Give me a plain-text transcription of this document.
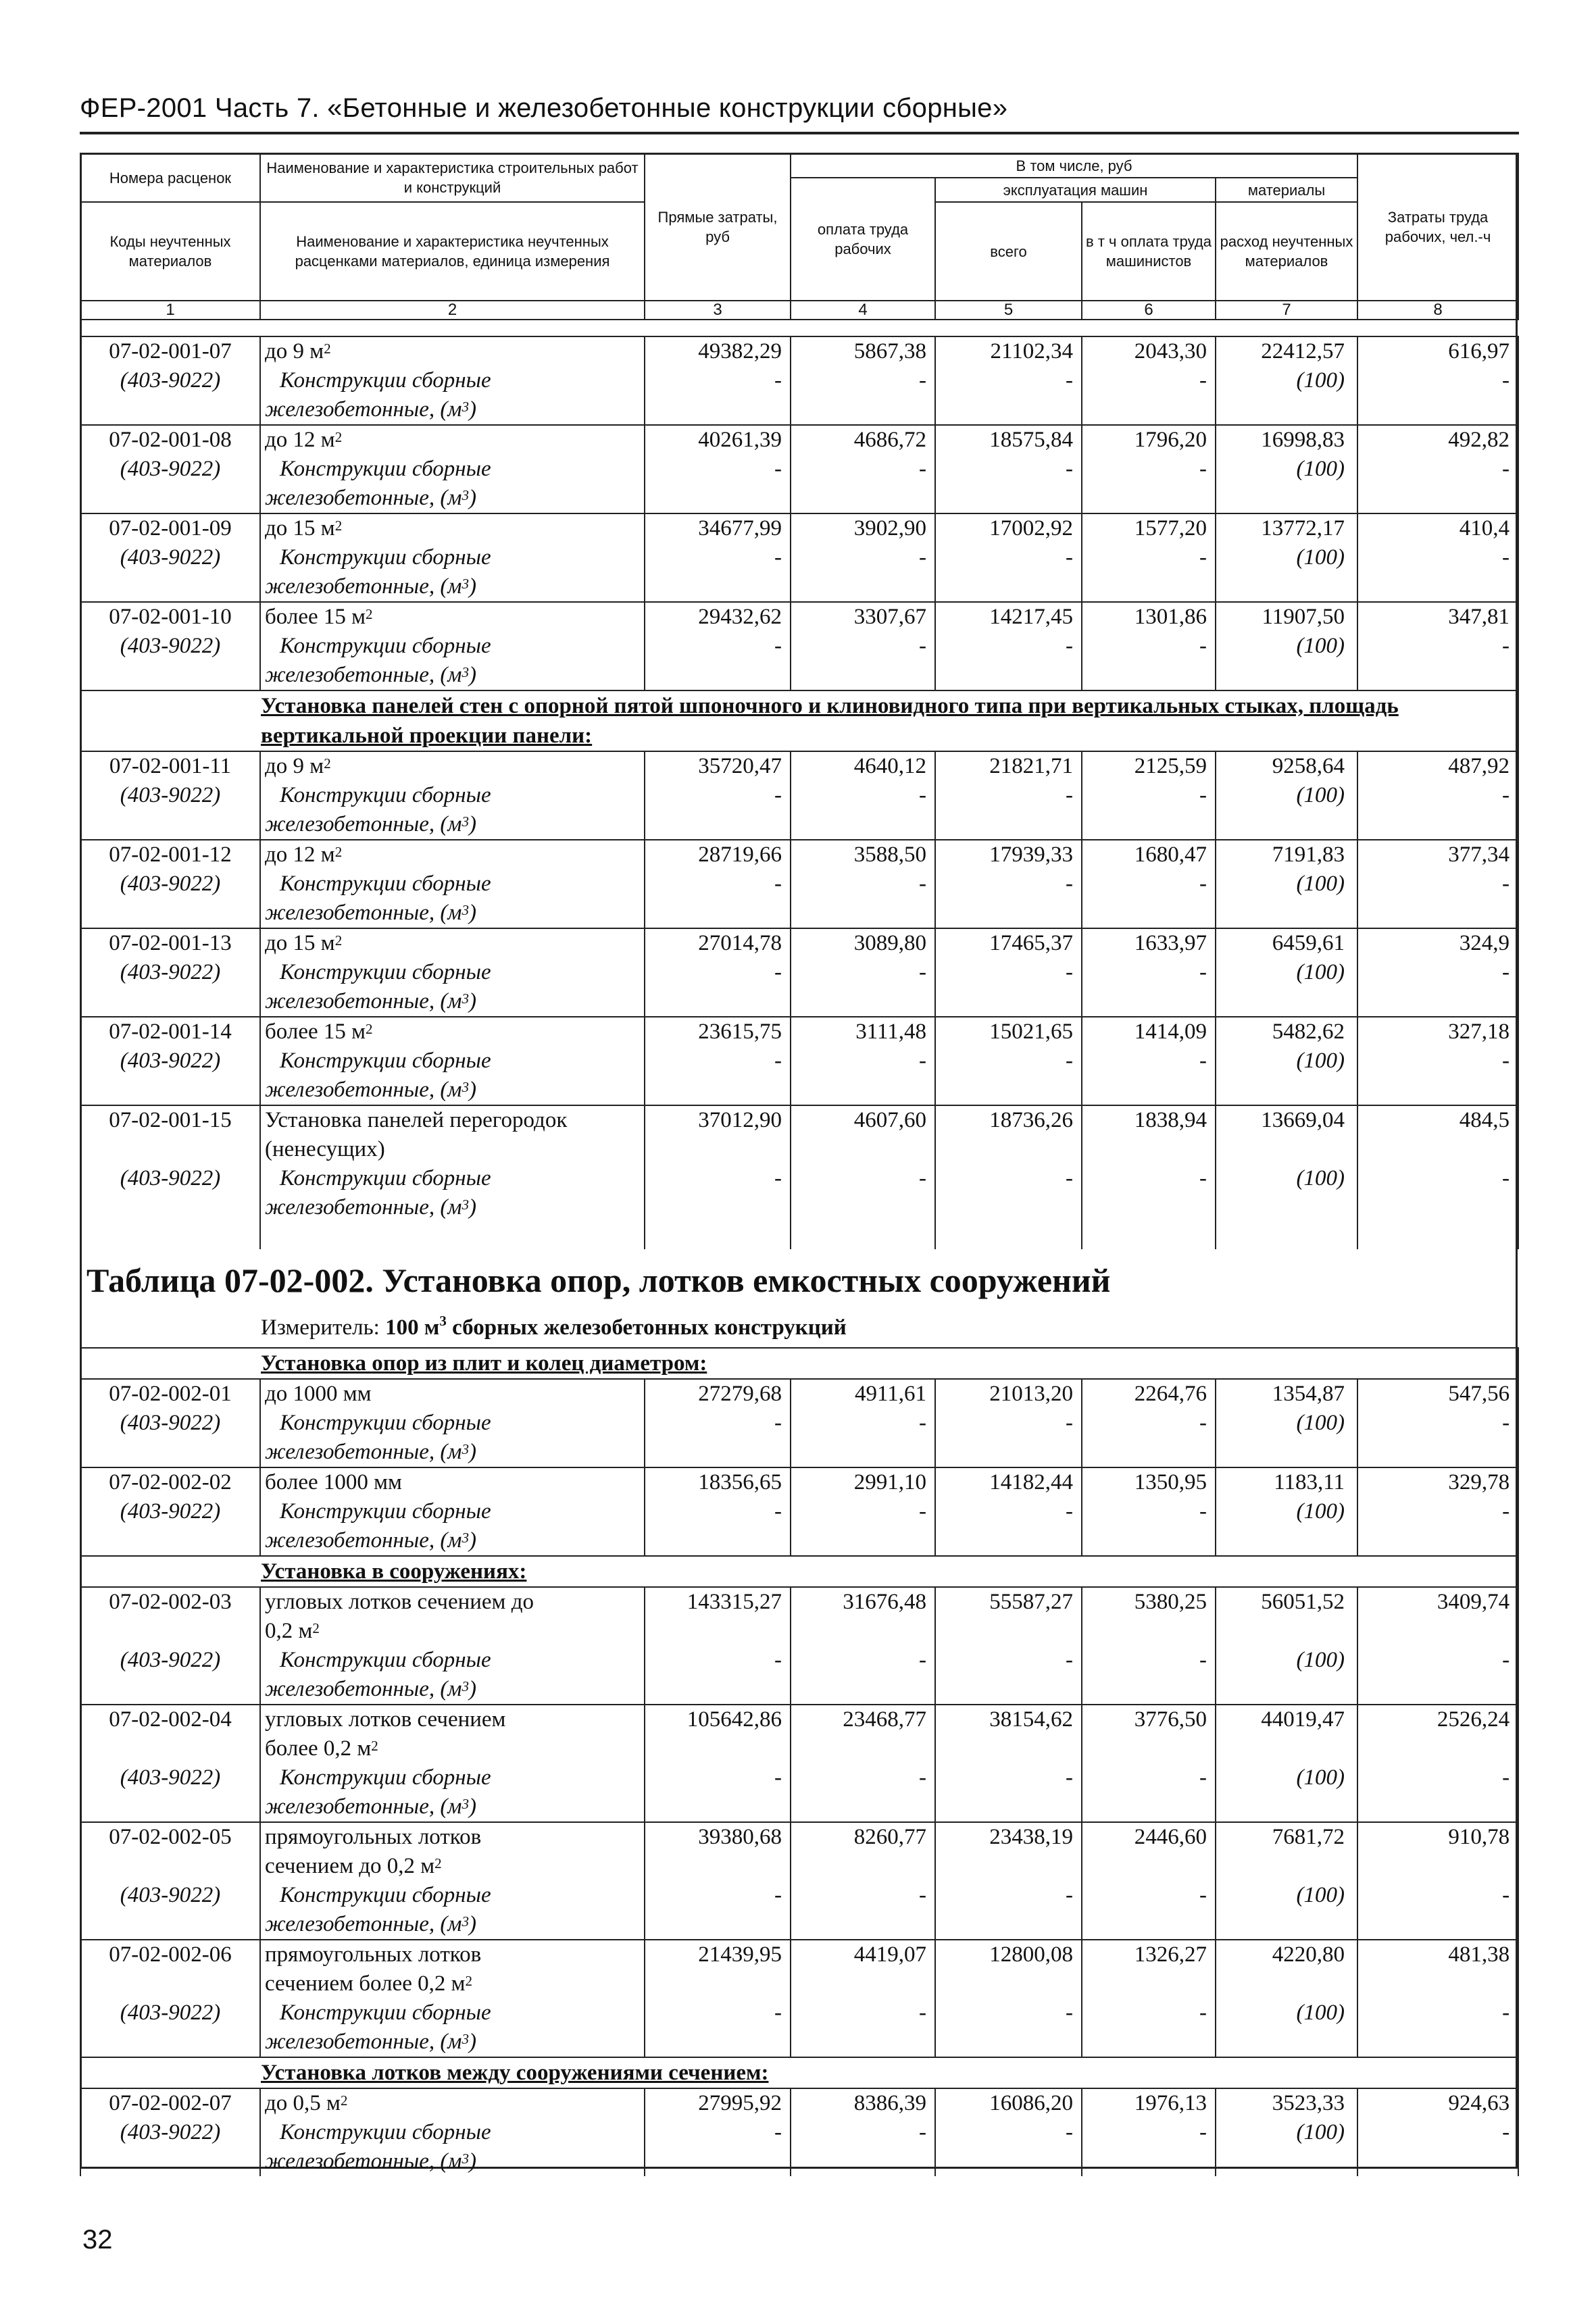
ФЕР-2001 Часть 7. «Бетонные и железобетонные конструкции сборные»
Номера расценок	Наименование и характеристика строительных работ и конструкций	Прямые затраты, руб	В том числе, руб				Затраты труда рабочих, чел.-ч
			оплата труда рабочих	эксплуатация машин		материалы	
Коды неучтенных материалов	Наименование и характеристика неучтенных расценками материалов, единица измерения			всего	в т ч оплата труда машинистов	расход неучтенных материалов	

1	2	3	4	5	6	7	8
07-02-001-07	до 9 $м^2$	49382,29	5867,38	21102,34	2043,30	22412,57	616,97
(403-9022)	Конструкции сборные
железобетонные, $(м^3)$	-	-	-	-	(100)	-
07-02-001-08	до 12 $м^2$	40261,39	4686,72	18575,84	1796,20	16998,83	492,82
(403-9022)	Конструкции сборные
железобетонные, $(м^3)$	-	-	-	-	(100)	-
07-02-001-09	до 15 $м^2$	34677,99	3902,90	17002,92	1577,20	13772,17	410,4
(403-9022)	Конструкции сборные
железобетонные, $(м^3)$	-	-	-	-	(100)	-
07-02-001-10	более 15 $м^2$	29432,62	3307,67	14217,45	1301,86	11907,50	347,81
(403-9022)	Конструкции сборные
железобетонные, $(м^3)$	-	-	-	-	(100)	-
Установка панелей стен с опорной пятой шпоночного и клиновидного типа при вертикальных стыках, площадь вертикальной проекции панели:							
07-02-001-11	до 9 $м^2$	35720,47	4640,12	21821,71	2125,59	9258,64	487,92
(403-9022)	Конструкции сборные
железобетонные, $(м^3)$	-	-	-	-	(100)	-
07-02-001-12	до 12 $м^2$	28719,66	3588,50	17939,33	1680,47	7191,83	377,34
(403-9022)	Конструкции сборные
железобетонные, $(м^3)$	-	-	-	-	(100)	-
07-02-001-13	до 15 $м^2$	27014,78	3089,80	17465,37	1633,97	6459,61	324,9
(403-9022)	Конструкции сборные
железобетонные, $(м^3)$	-	-	-	-	(100)	-
07-02-001-14	более 15 $м^2$	23615,75	3111,48	15021,65	1414,09	5482,62	327,18
(403-9022)	Конструкции сборные
железобетонные, $(м^3)$	-	-	-	-	(100)	-
07-02-001-15	Установка панелей перегородок
(ненесущих)	37012,90	4607,60	18736,26	1838,94	13669,04	484,5
(403-9022)	Конструкции сборные
железобетонные, $(м^3)$	-	-	-	-	(100)	-

Установка опор из плит и колец диаметром:							
07-02-002-01	до 1000 мм	27279,68	4911,61	21013,20	2264,76	1354,87	547,56
(403-9022)	Конструкции сборные
железобетонные, $(м^3)$	-	-	-	-	(100)	-
07-02-002-02	более 1000 мм	18356,65	2991,10	14182,44	1350,95	1183,11	329,78
(403-9022)	Конструкции сборные
железобетонные, $(м^3)$	-	-	-	-	(100)	-
Установка в сооружениях:							
07-02-002-03	угловых лотков сечением до
0,2 $м^2$	143315,27	31676,48	55587,27	5380,25	56051,52	3409,74
(403-9022)	Конструкции сборные
железобетонные, $(м^3)$	-	-	-	-	(100)	-
07-02-002-04	угловых лотков сечением
более 0,2 $м^2$	105642,86	23468,77	38154,62	3776,50	44019,47	2526,24
(403-9022)	Конструкции сборные
железобетонные, $(м^3)$	-	-	-	-	(100)	-
07-02-002-05	прямоугольных лотков
сечением до 0,2 $м^2$	39380,68	8260,77	23438,19	2446,60	7681,72	910,78
(403-9022)	Конструкции сборные
железобетонные, $(м^3)$	-	-	-	-	(100)	-
07-02-002-06	прямоугольных лотков
сечением более 0,2 $м^2$	21439,95	4419,07	12800,08	1326,27	4220,80	481,38
(403-9022)	Конструкции сборные
железобетонные, $(м^3)$	-	-	-	-	(100)	-
Установка лотков между сооружениями сечением:							
07-02-002-07	до 0,5 $м^2$	27995,92	8386,39	16086,20	1976,13	3523,33	924,63
(403-9022)	Конструкции сборные
железобетонные, $(м^3)$	-	-	-	-	(100)	-
Таблица 07-02-002. Установка опор, лотков емкостных сооружений
Измеритель: 100 $м^3$ сборных железобетонных конструкций
32
